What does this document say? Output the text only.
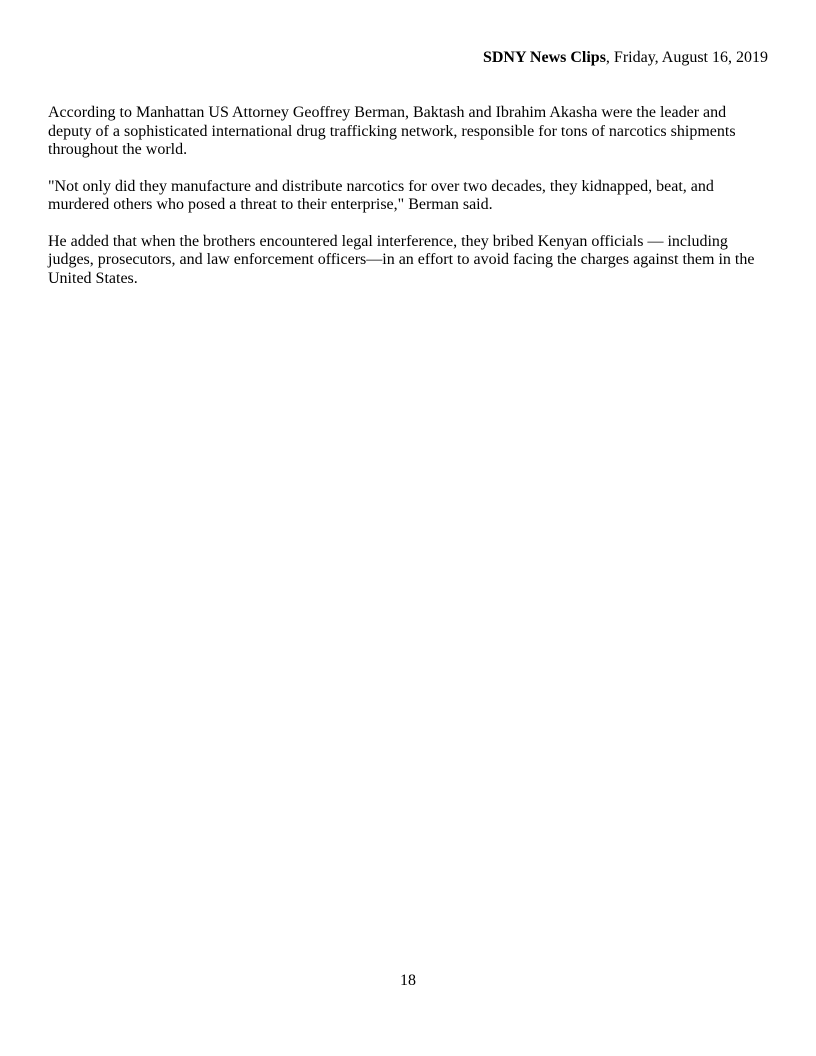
SDNY News Clips, Friday, August 16, 2019

According to Manhattan US Attorney Geoffrey Berman, Baktash and Ibrahim Akasha were the leader and deputy of a sophisticated international drug trafficking network, responsible for tons of narcotics shipments throughout the world.

"Not only did they manufacture and distribute narcotics for over two decades, they kidnapped, beat, and murdered others who posed a threat to their enterprise," Berman said.

He added that when the brothers encountered legal interference, they bribed Kenyan officials — including judges, prosecutors, and law enforcement officers—in an effort to avoid facing the charges against them in the United States.

18
